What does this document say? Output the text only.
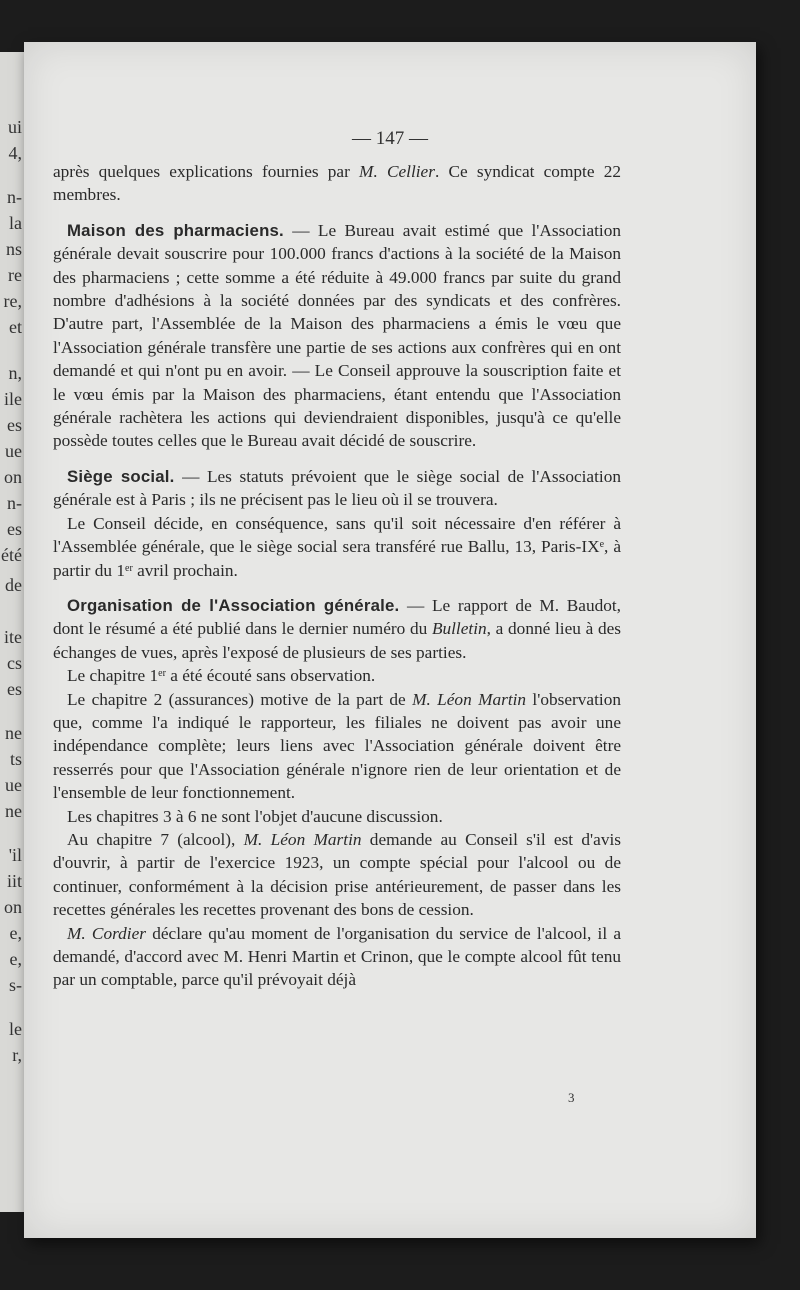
ui
4,
n-
la
ns
re
re,
et
n,
ile
es
ue
on
n-
es
été
de
ite
cs
es
ne
ts
ue
ne
'il
iit
on
e,
e,
s-
le
r,
— 147 —

après quelques explications fournies par M. Cellier. Ce syndicat compte 22 membres.

Maison des pharmaciens. — Le Bureau avait estimé que l'Association générale devait souscrire pour 100.000 francs d'actions à la société de la Maison des pharmaciens ; cette somme a été réduite à 49.000 francs par suite du grand nombre d'adhésions à la société données par des syndicats et des confrères. D'autre part, l'Assemblée de la Maison des pharmaciens a émis le vœu que l'Association générale transfère une partie de ses actions aux confrères qui en ont demandé et qui n'ont pu en avoir. — Le Conseil approuve la souscription faite et le vœu émis par la Maison des pharmaciens, étant entendu que l'Association générale rachètera les actions qui deviendraient disponibles, jusqu'à ce qu'elle possède toutes celles que le Bureau avait décidé de souscrire.

Siège social. — Les statuts prévoient que le siège social de l'Association générale est à Paris ; ils ne précisent pas le lieu où il se trouvera.

Le Conseil décide, en conséquence, sans qu'il soit nécessaire d'en référer à l'Assemblée générale, que le siège social sera transféré rue Ballu, 13, Paris-IXe, à partir du 1er avril prochain.

Organisation de l'Association générale. — Le rapport de M. Baudot, dont le résumé a été publié dans le dernier numéro du Bulletin, a donné lieu à des échanges de vues, après l'exposé de plusieurs de ses parties.

Le chapitre 1er a été écouté sans observation.

Le chapitre 2 (assurances) motive de la part de M. Léon Martin l'observation que, comme l'a indiqué le rapporteur, les filiales ne doivent pas avoir une indépendance complète; leurs liens avec l'Association générale doivent être resserrés pour que l'Association générale n'ignore rien de leur orientation et de l'ensemble de leur fonctionnement.

Les chapitres 3 à 6 ne sont l'objet d'aucune discussion.

Au chapitre 7 (alcool), M. Léon Martin demande au Conseil s'il est d'avis d'ouvrir, à partir de l'exercice 1923, un compte spécial pour l'alcool ou de continuer, conformément à la décision prise antérieurement, de passer dans les recettes générales les recettes provenant des bons de cession.

M. Cordier déclare qu'au moment de l'organisation du service de l'alcool, il a demandé, d'accord avec M. Henri Martin et Crinon, que le compte alcool fût tenu par un comptable, parce qu'il prévoyait déjà

3
